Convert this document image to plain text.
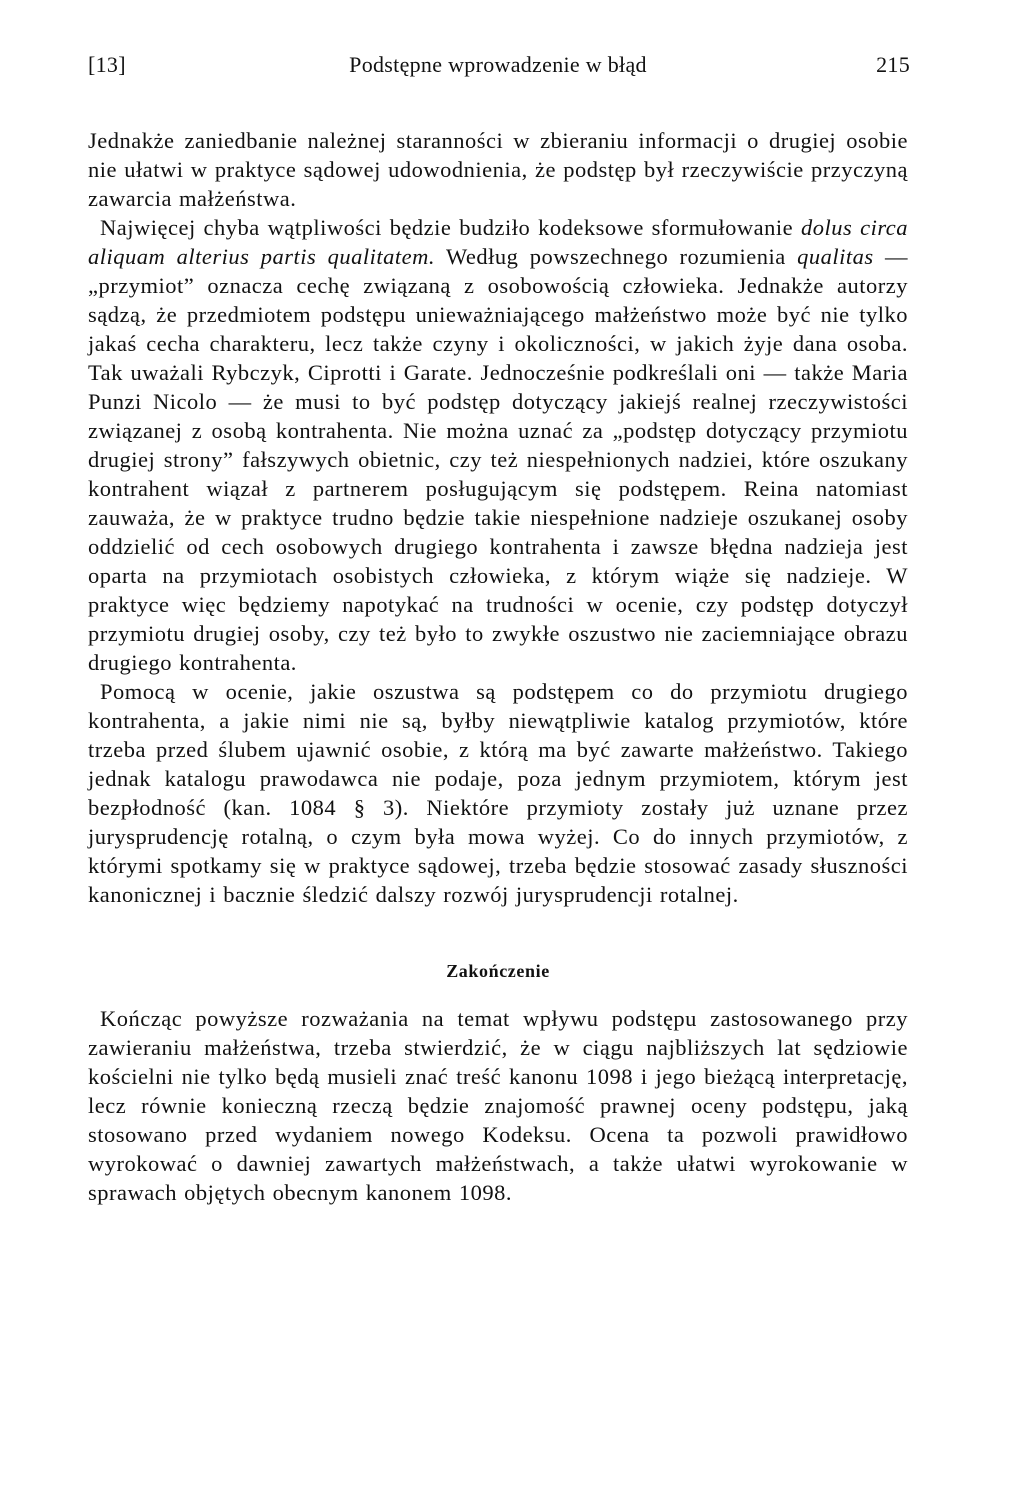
[13]	Podstępne wprowadzenie w błąd	215

Jednakże zaniedbanie należnej staranności w zbieraniu informacji o drugiej osobie nie ułatwi w praktyce sądowej udowodnienia, że podstęp był rzeczywiście przyczyną zawarcia małżeństwa.

Najwięcej chyba wątpliwości będzie budziło kodeksowe sformułowanie dolus circa aliquam alterius partis qualitatem. Według powszechnego rozumienia qualitas — „przymiot” oznacza cechę związaną z osobowością człowieka. Jednakże autorzy sądzą, że przedmiotem podstępu unieważniającego małżeństwo może być nie tylko jakaś cecha charakteru, lecz także czyny i okoliczności, w jakich żyje dana osoba. Tak uważali Rybczyk, Ciprotti i Garate. Jednocześnie podkreślali oni — także Maria Punzi Nicolo — że musi to być podstęp dotyczący jakiejś realnej rzeczywistości związanej z osobą kontrahenta. Nie można uznać za „podstęp dotyczący przymiotu drugiej strony” fałszywych obietnic, czy też niespełnionych nadziei, które oszukany kontrahent wiązał z partnerem posługującym się podstępem. Reina natomiast zauważa, że w praktyce trudno będzie takie niespełnione nadzieje oszukanej osoby oddzielić od cech osobowych drugiego kontrahenta i zawsze błędna nadzieja jest oparta na przymiotach osobistych człowieka, z którym wiąże się nadzieje. W praktyce więc będziemy napotykać na trudności w ocenie, czy podstęp dotyczył przymiotu drugiej osoby, czy też było to zwykłe oszustwo nie zaciemniające obrazu drugiego kontrahenta.

Pomocą w ocenie, jakie oszustwa są podstępem co do przymiotu drugiego kontrahenta, a jakie nimi nie są, byłby niewątpliwie katalog przymiotów, które trzeba przed ślubem ujawnić osobie, z którą ma być zawarte małżeństwo. Takiego jednak katalogu prawodawca nie podaje, poza jednym przymiotem, którym jest bezpłodność (kan. 1084 § 3). Niektóre przymioty zostały już uznane przez jurysprudencję rotalną, o czym była mowa wyżej. Co do innych przymiotów, z którymi spotkamy się w praktyce sądowej, trzeba będzie stosować zasady słuszności kanonicznej i bacznie śledzić dalszy rozwój jurysprudencji rotalnej.

Zakończenie

Kończąc powyższe rozważania na temat wpływu podstępu zastosowanego przy zawieraniu małżeństwa, trzeba stwierdzić, że w ciągu najbliższych lat sędziowie kościelni nie tylko będą musieli znać treść kanonu 1098 i jego bieżącą interpretację, lecz równie konieczną rzeczą będzie znajomość prawnej oceny podstępu, jaką stosowano przed wydaniem nowego Kodeksu. Ocena ta pozwoli prawidłowo wyrokować o dawniej zawartych małżeństwach, a także ułatwi wyrokowanie w sprawach objętych obecnym kanonem 1098.
